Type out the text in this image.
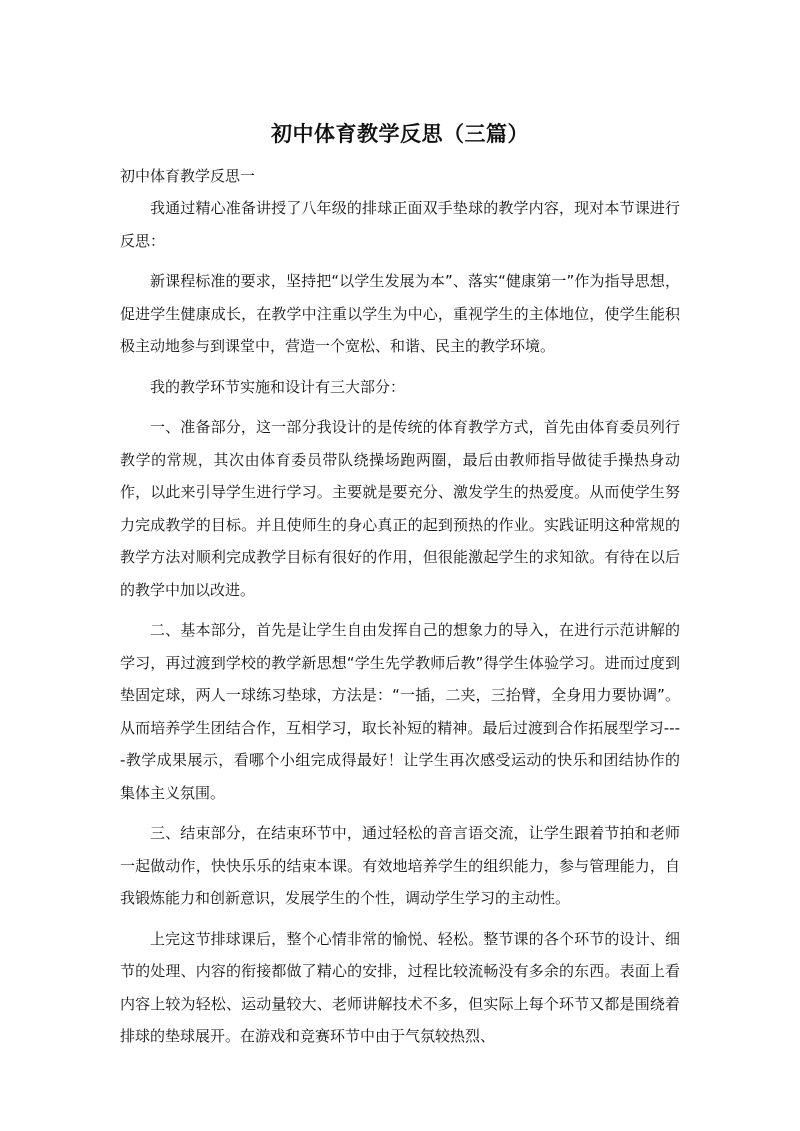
初中体育教学反思（三篇）

初中体育教学反思一

我通过精心准备讲授了八年级的排球正面双手垫球的教学内容，现对本节课进行反思：

新课程标准的要求，坚持把“以学生发展为本”、落实“健康第一”作为指导思想，促进学生健康成长，在教学中注重以学生为中心，重视学生的主体地位，使学生能积极主动地参与到课堂中，营造一个宽松、和谐、民主的教学环境。

我的教学环节实施和设计有三大部分：

一、准备部分，这一部分我设计的是传统的体育教学方式，首先由体育委员列行教学的常规，其次由体育委员带队绕操场跑两圈，最后由教师指导做徒手操热身动作，以此来引导学生进行学习。主要就是要充分、激发学生的热爱度。从而使学生努力完成教学的目标。并且使师生的身心真正的起到预热的作业。实践证明这种常规的教学方法对顺利完成教学目标有很好的作用，但很能激起学生的求知欲。有待在以后的教学中加以改进。

二、基本部分，首先是让学生自由发挥自己的想象力的导入，在进行示范讲解的学习，再过渡到学校的教学新思想“学生先学教师后教”得学生体验学习。进而过度到垫固定球，两人一球练习垫球，方法是：“一插，二夹，三抬臂，全身用力要协调”。从而培养学生团结合作，互相学习，取长补短的精神。最后过渡到合作拓展型学习----教学成果展示，看哪个小组完成得最好！让学生再次感受运动的快乐和团结协作的集体主义氛围。

三、结束部分，在结束环节中，通过轻松的音言语交流，让学生跟着节拍和老师一起做动作，快快乐乐的结束本课。有效地培养学生的组织能力，参与管理能力，自我锻炼能力和创新意识，发展学生的个性，调动学生学习的主动性。

上完这节排球课后，整个心情非常的愉悦、轻松。整节课的各个环节的设计、细节的处理、内容的衔接都做了精心的安排，过程比较流畅没有多余的东西。表面上看内容上较为轻松、运动量较大、老师讲解技术不多，但实际上每个环节又都是围绕着排球的垫球展开。在游戏和竞赛环节中由于气氛较热烈、
